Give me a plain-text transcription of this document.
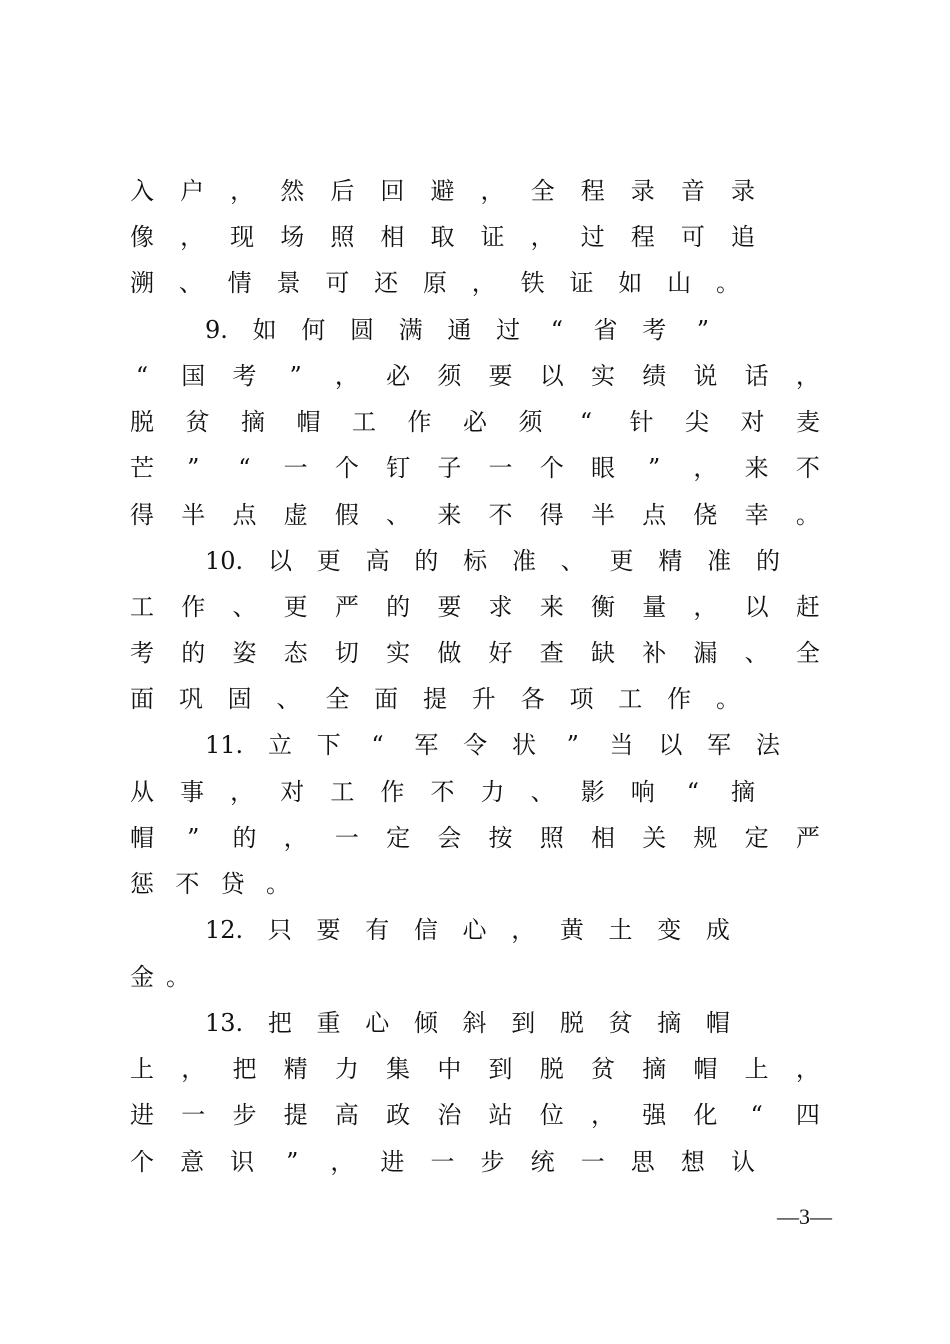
入 户 ， 然 后 回 避 ， 全 程 录 音 录
像 ， 现 场 照 相 取 证 ， 过 程 可 追
溯 、 情 景 可 还 原 ， 铁 证 如 山 。
9. 如 何 圆 满 通 过 “ 省 考 ”
“ 国 考 ” ， 必 须 要 以 实 绩 说 话 ，
脱 贫 摘 帽 工 作 必 须 “ 针 尖 对 麦
芒 ” “ 一 个 钉 子 一 个 眼 ” ， 来 不
得 半 点 虚 假 、 来 不 得 半 点 侥 幸 。
10. 以 更 高 的 标 准 、 更 精 准 的
工 作 、 更 严 的 要 求 来 衡 量 ， 以 赶
考 的 姿 态 切 实 做 好 查 缺 补 漏 、 全
面 巩 固 、 全 面 提 升 各 项 工 作 。
11. 立 下 “ 军 令 状 ” 当 以 军 法
从 事 ， 对 工 作 不 力 、 影 响 “ 摘
帽 ” 的 ， 一 定 会 按 照 相 关 规 定 严
惩 不 贷 。
12. 只 要 有 信 心 ， 黄 土 变 成
金 。
13. 把 重 心 倾 斜 到 脱 贫 摘 帽
上 ， 把 精 力 集 中 到 脱 贫 摘 帽 上 ，
进 一 步 提 高 政 治 站 位 ， 强 化 “ 四
个 意 识 ” ， 进 一 步 统 一 思 想 认
—3—
